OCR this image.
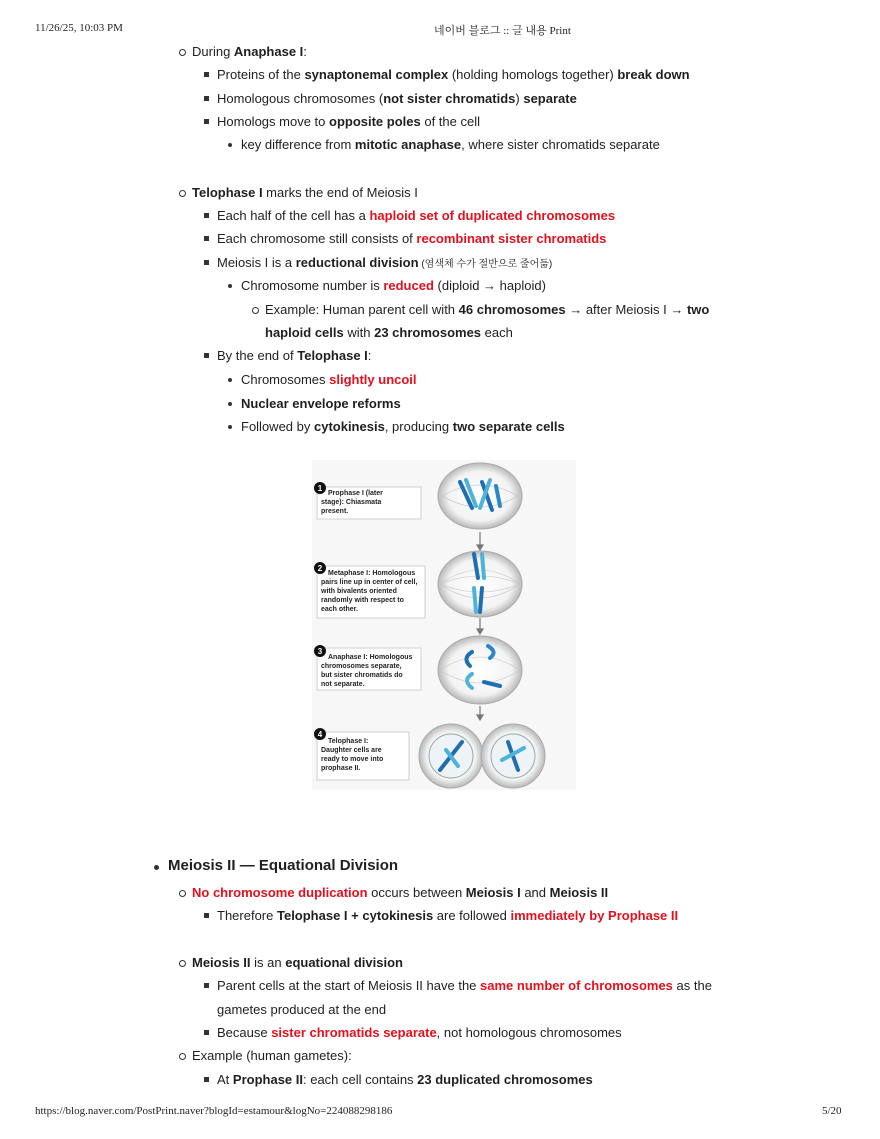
11/26/25, 10:03 PM	네이버 블로그 :: 글 내용 Print
During Anaphase I:
Proteins of the synaptonemal complex (holding homologs together) break down
Homologous chromosomes (not sister chromatids) separate
Homologs move to opposite poles of the cell
key difference from mitotic anaphase, where sister chromatids separate
Telophase I marks the end of Meiosis I
Each half of the cell has a haploid set of duplicated chromosomes
Each chromosome still consists of recombinant sister chromatids
Meiosis I is a reductional division (염색체 수가 절반으로 줄어듦)
Chromosome number is reduced (diploid → haploid)
Example: Human parent cell with 46 chromosomes → after Meiosis I → two
haploid cells with 23 chromosomes each
By the end of Telophase I:
Chromosomes slightly uncoil
Nuclear envelope reforms
Followed by cytokinesis, producing two separate cells
1
Prophase I (later stage): Chiasmata present.
2
Metaphase I: Homologous pairs line up in center of cell, with bivalents oriented randomly with respect to each other.
3
Anaphase I: Homologous chromosomes separate, but sister chromatids do not separate.
4
Telophase I: Daughter cells are ready to move into prophase II.
Meiosis II — Equational Division
No chromosome duplication occurs between Meiosis I and Meiosis II
Therefore Telophase I + cytokinesis are followed immediately by Prophase II
Meiosis II is an equational division
Parent cells at the start of Meiosis II have the same number of chromosomes as the
gametes produced at the end
Because sister chromatids separate, not homologous chromosomes
Example (human gametes):
At Prophase II: each cell contains 23 duplicated chromosomes
https://blog.naver.com/PostPrint.naver?blogId=estamour&logNo=224088298186	5/20
